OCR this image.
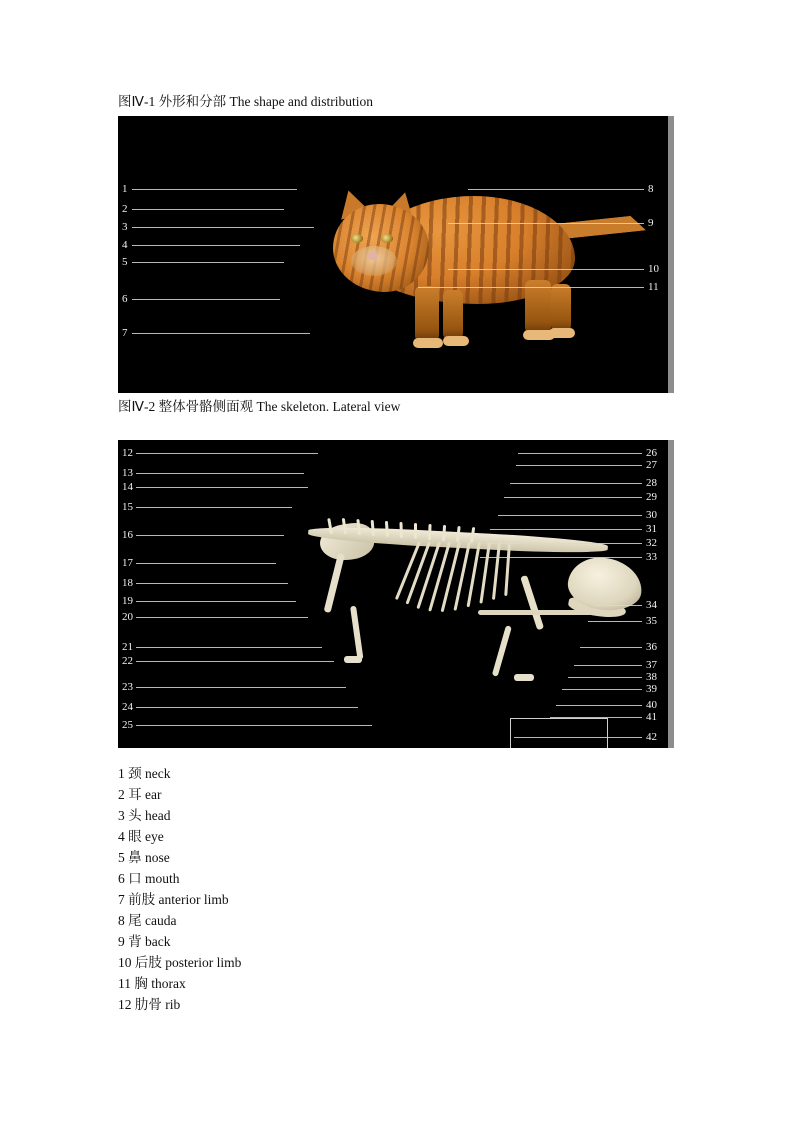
图Ⅳ-1 外形和分部 The shape and distribution
1
2
3
4
5
6
7
8
9
10
11
图Ⅳ-2 整体骨骼侧面观 The skeleton. Lateral view
12
13
14
15
16
17
18
19
20
21
22
23
24
25
26
27
28
29
30
31
32
33
34
35
36
37
38
39
40
41
42
1 颈 neck
2 耳 ear
3 头 head
4 眼 eye
5 鼻 nose
6 口 mouth
7 前肢 anterior limb
8 尾 cauda
9 背 back
10 后肢 posterior limb
11 胸 thorax
12 肋骨 rib
